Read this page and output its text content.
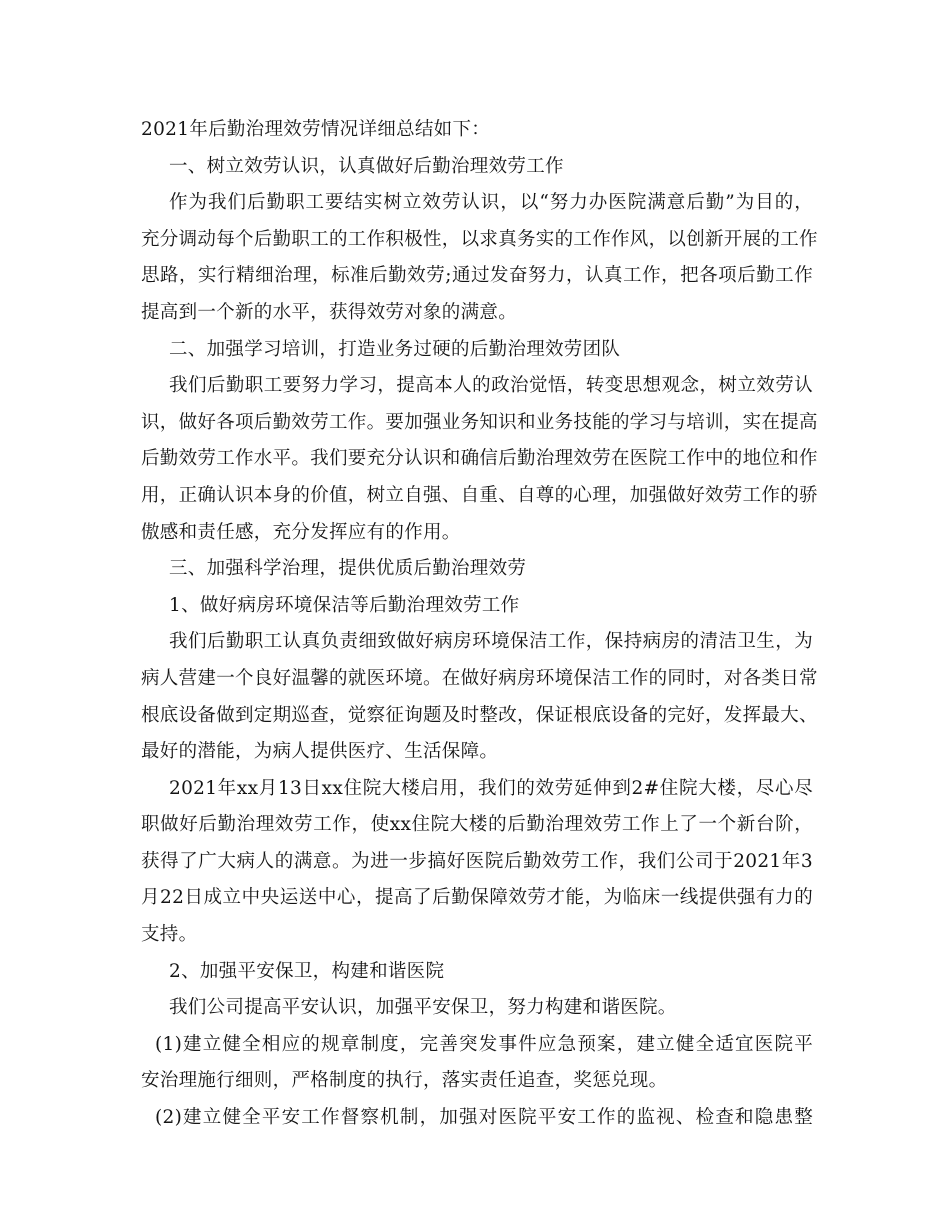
2021年后勤治理效劳情况详细总结如下：
一、树立效劳认识，认真做好后勤治理效劳工作
作为我们后勤职工要结实树立效劳认识，以“努力办医院满意后勤”为目的，
充分调动每个后勤职工的工作积极性，以求真务实的工作作风，以创新开展的工作
思路，实行精细治理，标准后勤效劳;通过发奋努力，认真工作，把各项后勤工作
提高到一个新的水平，获得效劳对象的满意。
二、加强学习培训，打造业务过硬的后勤治理效劳团队
我们后勤职工要努力学习，提高本人的政治觉悟，转变思想观念，树立效劳认
识，做好各项后勤效劳工作。要加强业务知识和业务技能的学习与培训，实在提高
后勤效劳工作水平。我们要充分认识和确信后勤治理效劳在医院工作中的地位和作
用，正确认识本身的价值，树立自强、自重、自尊的心理，加强做好效劳工作的骄
傲感和责任感，充分发挥应有的作用。
三、加强科学治理，提供优质后勤治理效劳
1、做好病房环境保洁等后勤治理效劳工作
我们后勤职工认真负责细致做好病房环境保洁工作，保持病房的清洁卫生，为
病人营建一个良好温馨的就医环境。在做好病房环境保洁工作的同时，对各类日常
根底设备做到定期巡查，觉察征询题及时整改，保证根底设备的完好，发挥最大、
最好的潜能，为病人提供医疗、生活保障。
2021年xx月13日xx住院大楼启用，我们的效劳延伸到2#住院大楼，尽心尽
职做好后勤治理效劳工作，使xx住院大楼的后勤治理效劳工作上了一个新台阶，
获得了广大病人的满意。为进一步搞好医院后勤效劳工作，我们公司于2021年3
月22日成立中央运送中心，提高了后勤保障效劳才能，为临床一线提供强有力的
支持。
2、加强平安保卫，构建和谐医院
我们公司提高平安认识，加强平安保卫，努力构建和谐医院。
(1)建立健全相应的规章制度，完善突发事件应急预案，建立健全适宜医院平
安治理施行细则，严格制度的执行，落实责任追查，奖惩兑现。
(2)建立健全平安工作督察机制，加强对医院平安工作的监视、检查和隐患整
